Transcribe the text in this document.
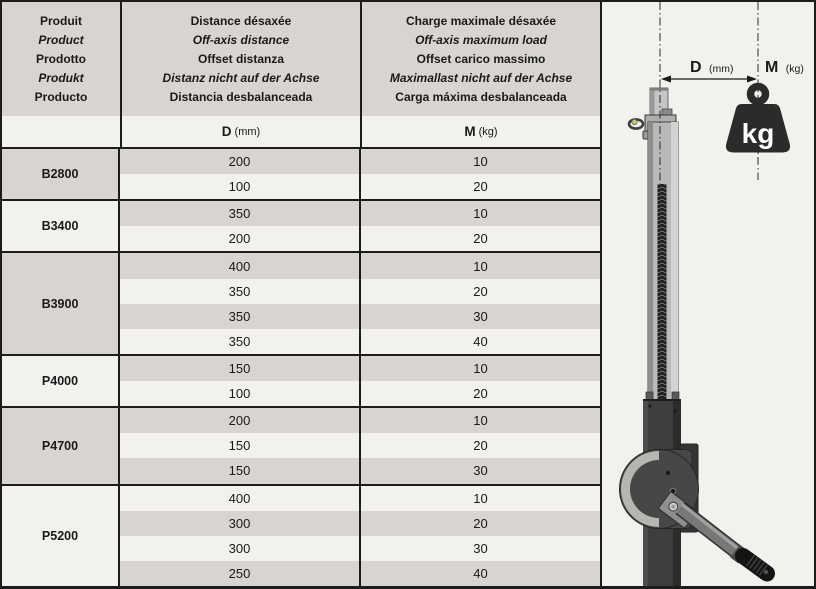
Produit
Product
Prodotto
Produkt
Producto
Distance désaxée
Off-axis distance
Offset distanza
Distanz nicht auf der Achse
Distancia desbalanceada
Charge maximale désaxée
Off-axis maximum load
Offset carico massimo
Maximallast nicht auf der Achse
Carga máxima desbalanceada
D (mm)	M (kg)
B2800
200	10
100	20
B3400
350	10
200	20
B3900
400	10
350	20
350	30
350	40
P4000
150	10
100	20
P4700
200	10
150	20
150	30
P5200
400	10
300	20
300	30
250	40
kg
D (mm) M (kg)
